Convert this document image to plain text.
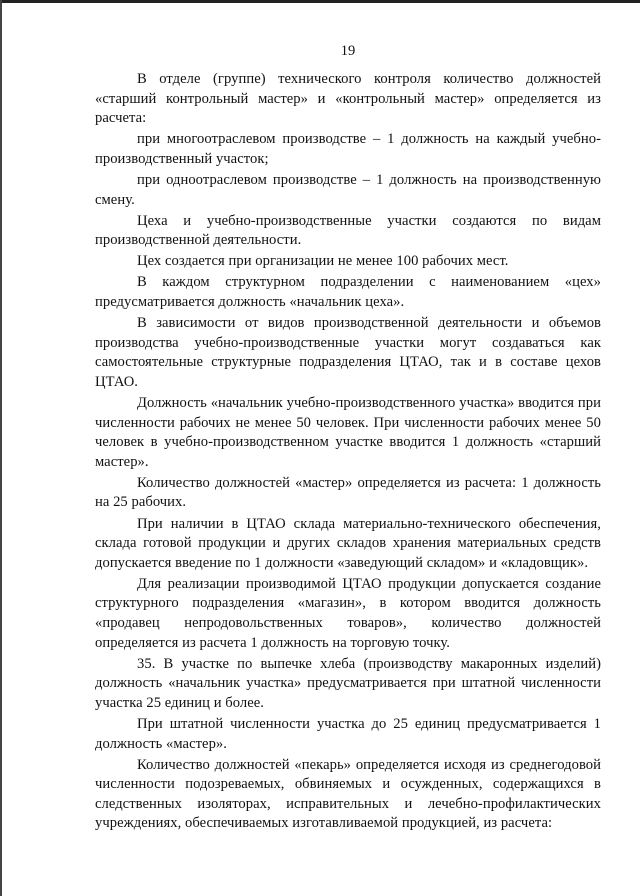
19

В отделе (группе) технического контроля количество должностей «старший контрольный мастер» и «контрольный мастер» определяется из расчета:

при многоотраслевом производстве – 1 должность на каждый учебно-производственный участок;

при одноотраслевом производстве – 1 должность на производственную смену.

Цеха и учебно-производственные участки создаются по видам производственной деятельности.

Цех создается при организации не менее 100 рабочих мест.

В каждом структурном подразделении с наименованием «цех» предусматривается должность «начальник цеха».

В зависимости от видов производственной деятельности и объемов производства учебно-производственные участки могут создаваться как самостоятельные структурные подразделения ЦТАО, так и в составе цехов ЦТАО.

Должность «начальник учебно-производственного участка» вводится при численности рабочих не менее 50 человек. При численности рабочих менее 50 человек в учебно-производственном участке вводится 1 должность «старший мастер».

Количество должностей «мастер» определяется из расчета: 1 должность на 25 рабочих.

При наличии в ЦТАО склада материально-технического обеспечения, склада готовой продукции и других складов хранения материальных средств допускается введение по 1 должности «заведующий складом» и «кладовщик».

Для реализации производимой ЦТАО продукции допускается создание структурного подразделения «магазин», в котором вводится должность «продавец непродовольственных товаров», количество должностей определяется из расчета 1 должность на торговую точку.

35. В участке по выпечке хлеба (производству макаронных изделий) должность «начальник участка» предусматривается при штатной численности участка 25 единиц и более.

При штатной численности участка до 25 единиц предусматривается 1 должность «мастер».

Количество должностей «пекарь» определяется исходя из среднегодовой численности подозреваемых, обвиняемых и осужденных, содержащихся в следственных изоляторах, исправительных и лечебно-профилактических учреждениях, обеспечиваемых изготавливаемой продукцией, из расчета:
